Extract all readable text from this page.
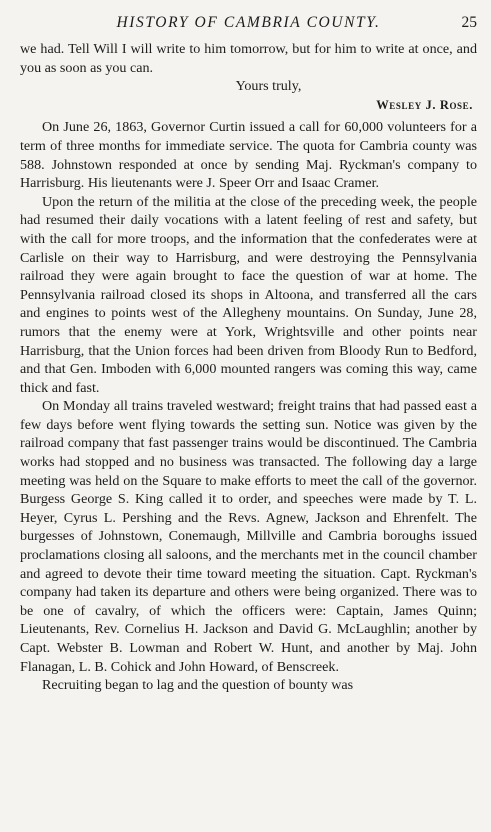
HISTORY OF CAMBRIA COUNTY.	25

we had. Tell Will I will write to him tomorrow, but for him to write at once, and you as soon as you can.

Yours truly,
Wesley J. Rose.

On June 26, 1863, Governor Curtin issued a call for 60,000 volunteers for a term of three months for immediate service. The quota for Cambria county was 588. Johnstown responded at once by sending Maj. Ryckman's company to Harrisburg. His lieutenants were J. Speer Orr and Isaac Cramer.

Upon the return of the militia at the close of the preceding week, the people had resumed their daily vocations with a latent feeling of rest and safety, but with the call for more troops, and the information that the confederates were at Carlisle on their way to Harrisburg, and were destroying the Pennsylvania railroad they were again brought to face the question of war at home. The Pennsylvania railroad closed its shops in Altoona, and transferred all the cars and engines to points west of the Allegheny mountains. On Sunday, June 28, rumors that the enemy were at York, Wrightsville and other points near Harrisburg, that the Union forces had been driven from Bloody Run to Bedford, and that Gen. Imboden with 6,000 mounted rangers was coming this way, came thick and fast.

On Monday all trains traveled westward; freight trains that had passed east a few days before went flying towards the setting sun. Notice was given by the railroad company that fast passenger trains would be discontinued. The Cambria works had stopped and no business was transacted. The following day a large meeting was held on the Square to make efforts to meet the call of the governor. Burgess George S. King called it to order, and speeches were made by T. L. Heyer, Cyrus L. Pershing and the Revs. Agnew, Jackson and Ehrenfelt. The burgesses of Johnstown, Conemaugh, Millville and Cambria boroughs issued proclamations closing all saloons, and the merchants met in the council chamber and agreed to devote their time toward meeting the situation. Capt. Ryckman's company had taken its departure and others were being organized. There was to be one of cavalry, of which the officers were: Captain, James Quinn; Lieutenants, Rev. Cornelius H. Jackson and David G. McLaughlin; another by Capt. Webster B. Lowman and Robert W. Hunt, and another by Maj. John Flanagan, L. B. Cohick and John Howard, of Benscreek.

Recruiting began to lag and the question of bounty was
